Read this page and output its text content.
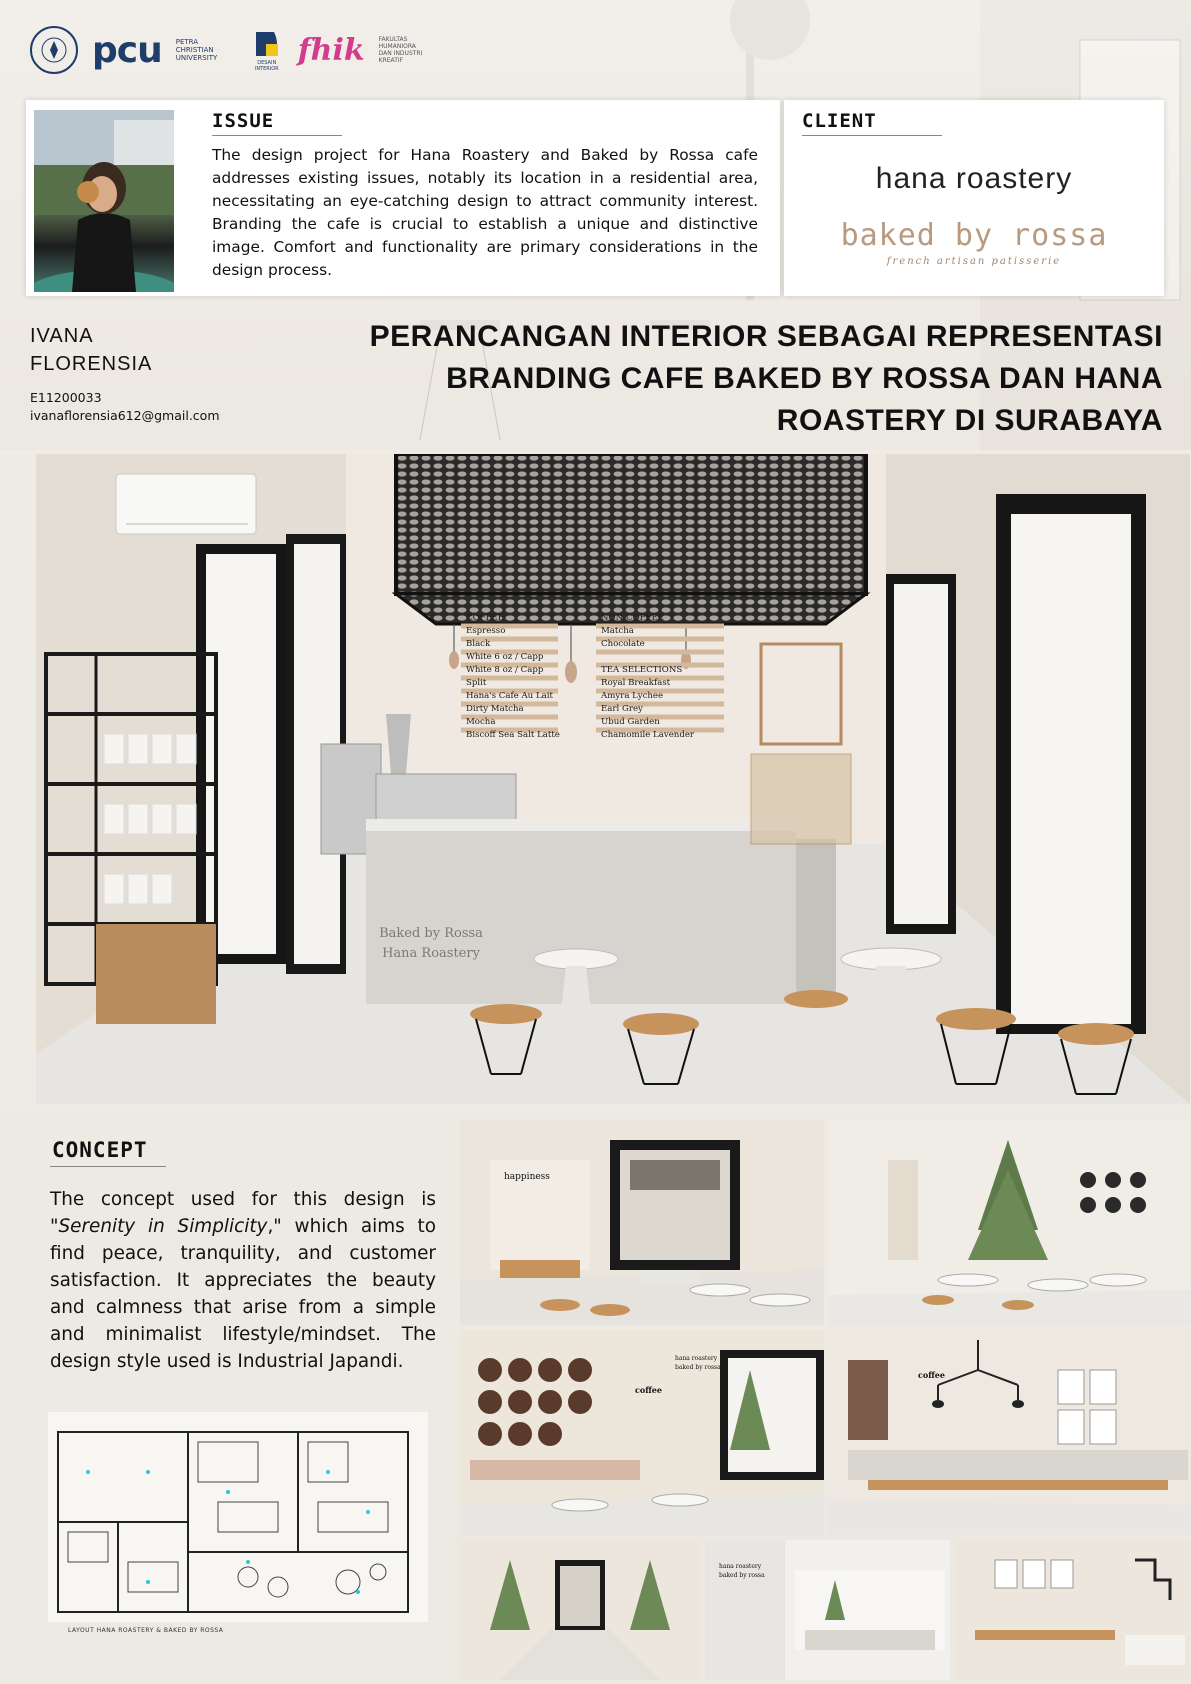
pcu PETRA CHRISTIAN UNIVERSITY
DESAIN INTERIOR
fhik FAKULTAS HUMANIORA DAN INDUSTRI KREATIF
ISSUE
The design project for Hana Roastery and Baked by Rossa cafe addresses existing issues, notably its location in a residential area, necessitating an eye-catching design to attract community interest. Branding the cafe is crucial to establish a unique and distinctive image. Comfort and functionality are primary considerations in the design process.
CLIENT
hana roastery
baked by rossa
french artisan patisserie
IVANA
FLORENSIA
E11200033
ivanaflorensia612@gmail.com
PERANCANGAN INTERIOR SEBAGAI REPRESENTASI
BRANDING CAFE BAKED BY ROSSA DAN HANA
ROASTERY DI SURABAYA
COFFEE
Espresso
Black
White 6 oz / Capp
White 8 oz / Capp
Split
Hana's Cafe Au Lait
Dirty Matcha
Mocha
Biscoff Sea Salt Latte
NON-COFFEE
Matcha
Chocolate
TEA SELECTIONS
Royal Breakfast
Amyra Lychee
Earl Grey
Ubud Garden
Chamomile Lavender
Baked by Rossa
Hana Roastery
CONCEPT
The concept used for this design is "Serenity in Simplicity," which aims to find peace, tranquility, and customer satisfaction. It appreciates the beauty and calmness that arise from a simple and minimalist lifestyle/mindset. The design style used is Industrial Japandi.
LAYOUT HANA ROASTERY & BAKED BY ROSSA
happiness
coffee
hana roastery
baked by rossa
coffee
hana roastery
baked by rossa
